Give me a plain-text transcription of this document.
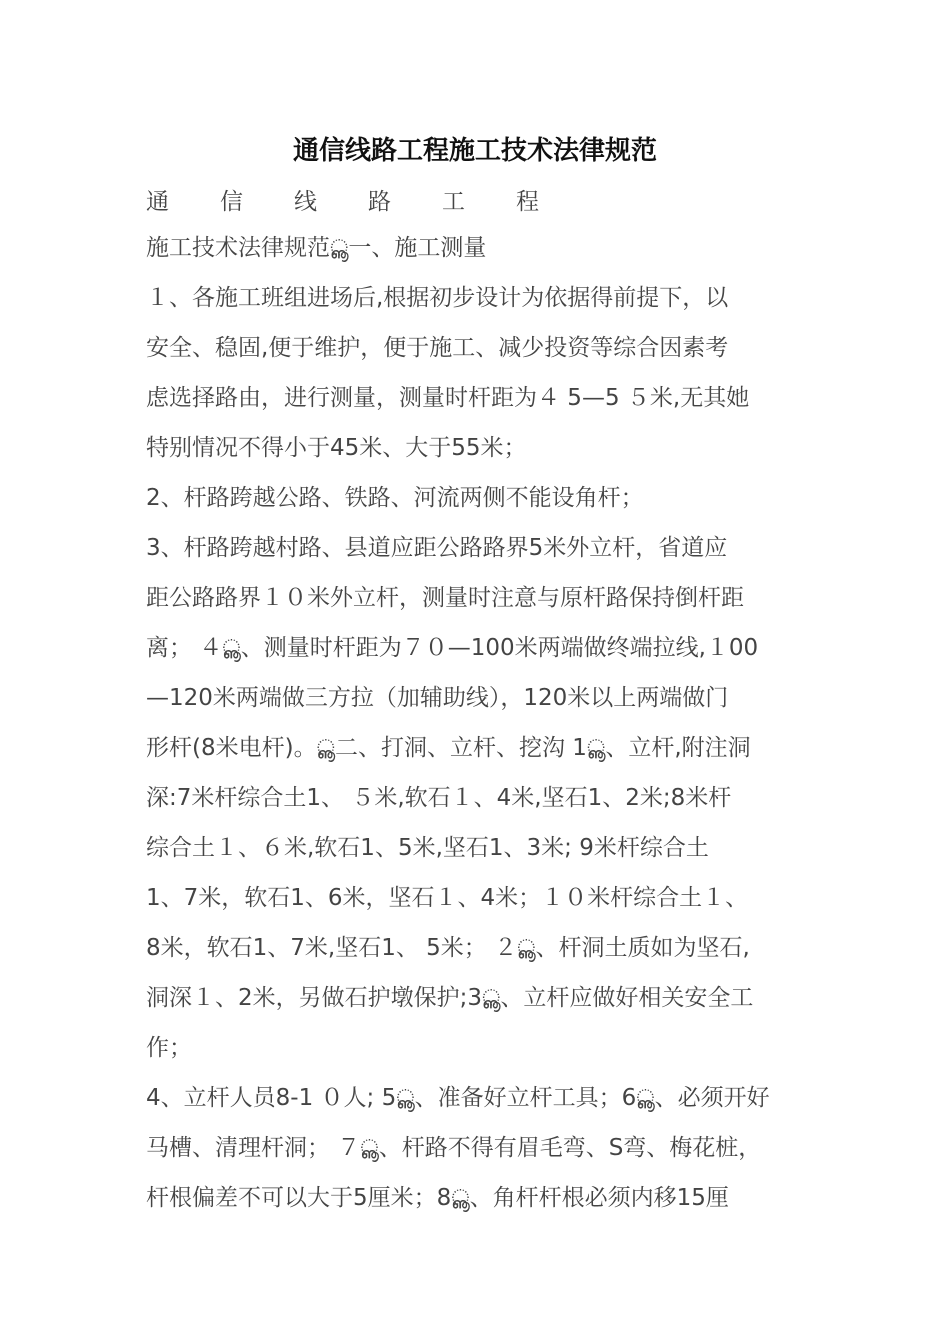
通信线路工程施工技术法律规范
通 信 线 路 工 程
施工技术法律规范ൣ一、施工测量
１、各施工班组进场后,根据初步设计为依据得前提下，以
安全、稳固,便于维护，便于施工、减少投资等综合因素考
虑选择路由，进行测量，测量时杆距为４ 5—5 ５米,无其她
特别情况不得小于45米、大于55米；
2、杆路跨越公路、铁路、河流两侧不能设角杆；
3、杆路跨越村路、县道应距公路路界5米外立杆，省道应
距公路路界１０米外立杆，测量时注意与原杆路保持倒杆距
离； ４ൣ、测量时杆距为７０—100米两端做终端拉线,１00
—120米两端做三方拉（加辅助线），120米以上两端做门
形杆(8米电杆)。ൣ二、打洞、立杆、挖沟 1ൣ、立杆,附注洞
深:7米杆综合土1、 ５米,软石１、4米,坚石1、2米;8米杆
综合土１、６米,软石1、5米,坚石1、3米; 9米杆综合土
1、7米，软石1、6米，坚石１、4米；１０米杆综合土１、
8米，软石1、7米,坚石1、 5米； ２ൣ、杆洞土质如为坚石,
洞深１、2米，另做石护墩保护;3ൣ、立杆应做好相关安全工
作；
4、立杆人员8-1 ０人; 5ൣ、准备好立杆工具；6ൣ、必须开好
马槽、清理杆洞； ７ൣ、杆路不得有眉毛弯、S弯、梅花桩，
杆根偏差不可以大于5厘米；8ൣ、角杆杆根必须内移15厘
